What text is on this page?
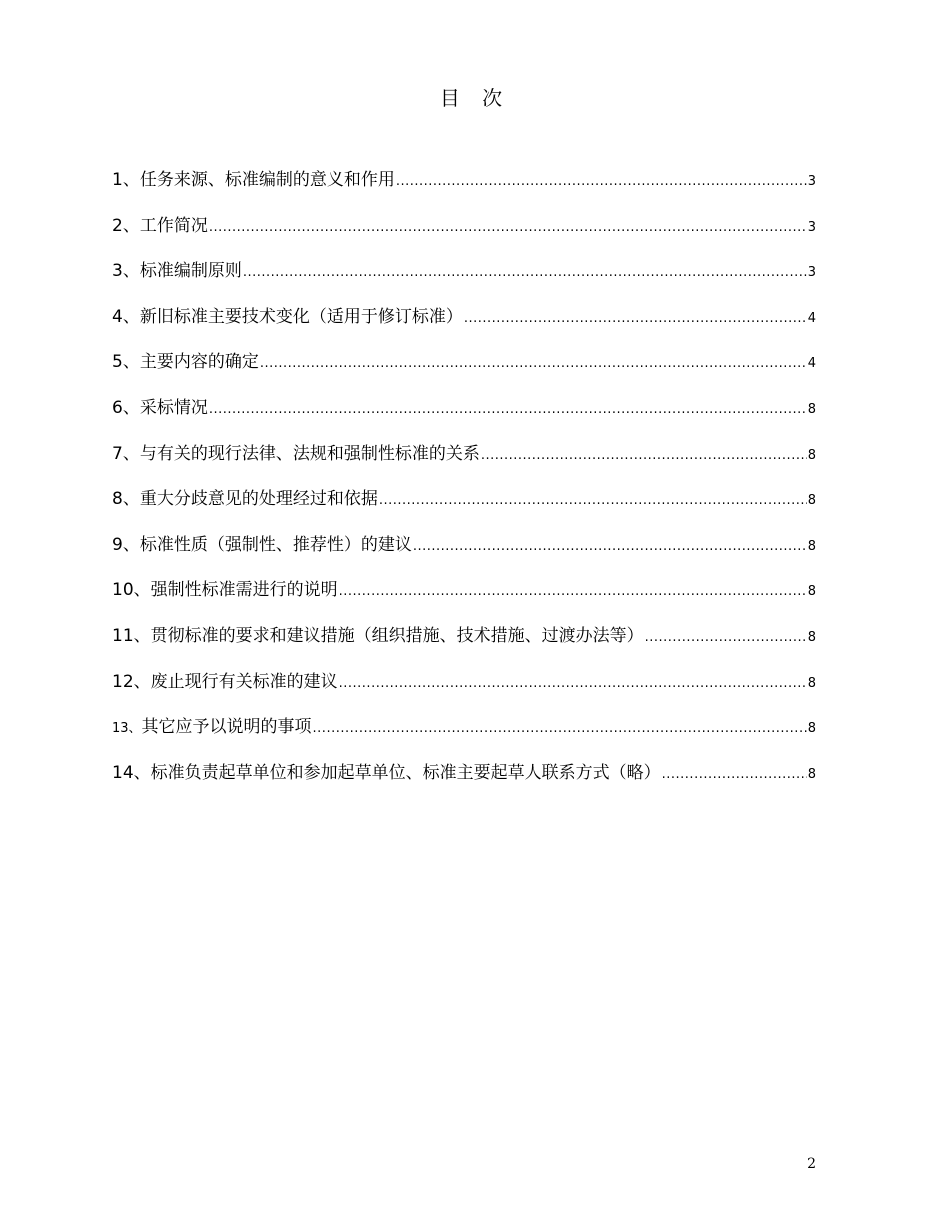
目 次
1、 任务来源、标准编制的意义和作用 .....	3
2、 工作简况 .....	3
3、 标准编制原则 .....	3
4、 新旧标准主要技术变化（适用于修订标准） .....	4
5、 主要内容的确定 .....	4
6、 采标情况 .....	8
7、 与有关的现行法律、法规和强制性标准的关系 .....	8
8、 重大分歧意见的处理经过和依据 .....	8
9、 标准性质（强制性、推荐性）的建议 .....	8
10、 强制性标准需进行的说明 .....	8
11、 贯彻标准的要求和建议措施（组织措施、技术措施、过渡办法等） .....	8
12、 废止现行有关标准的建议 .....	8
13、 其它应予以说明的事项 .....	8
14、 标准负责起草单位和参加起草单位、标准主要起草人联系方式（略） .....	8
2
